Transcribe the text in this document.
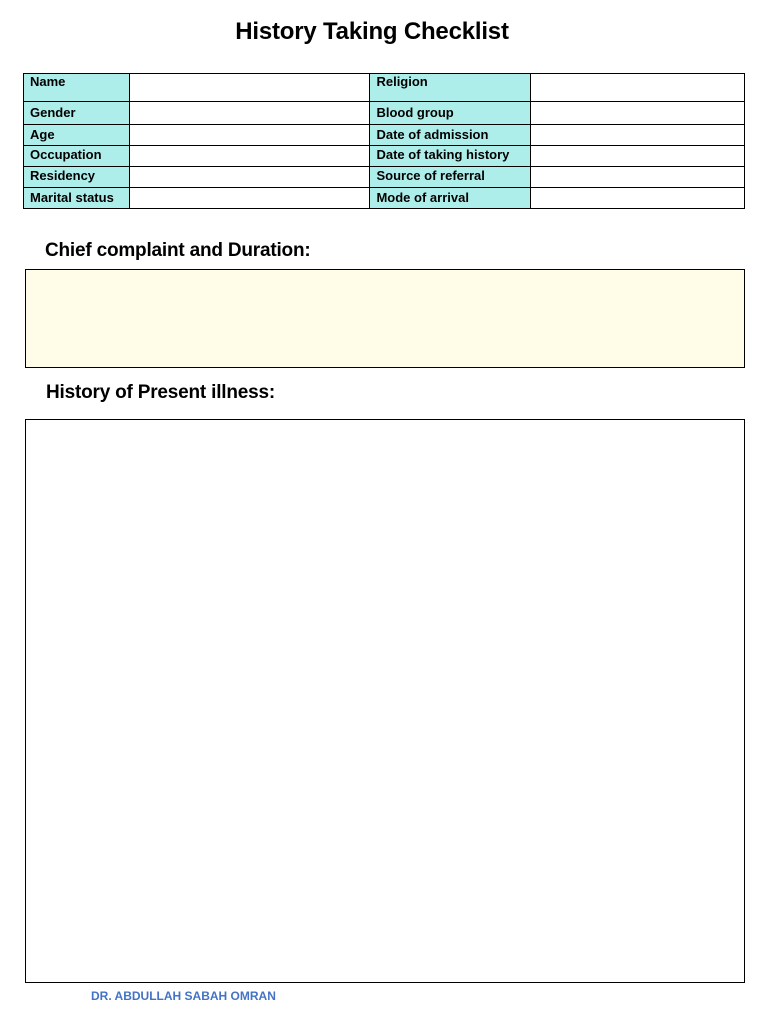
History Taking Checklist
Name		Religion	
Gender		Blood group	
Age		Date of admission	
Occupation		Date of taking history	
Residency		Source of referral	
Marital status		Mode of arrival	
Chief complaint and Duration:
History of Present illness:
DR. ABDULLAH SABAH OMRAN
